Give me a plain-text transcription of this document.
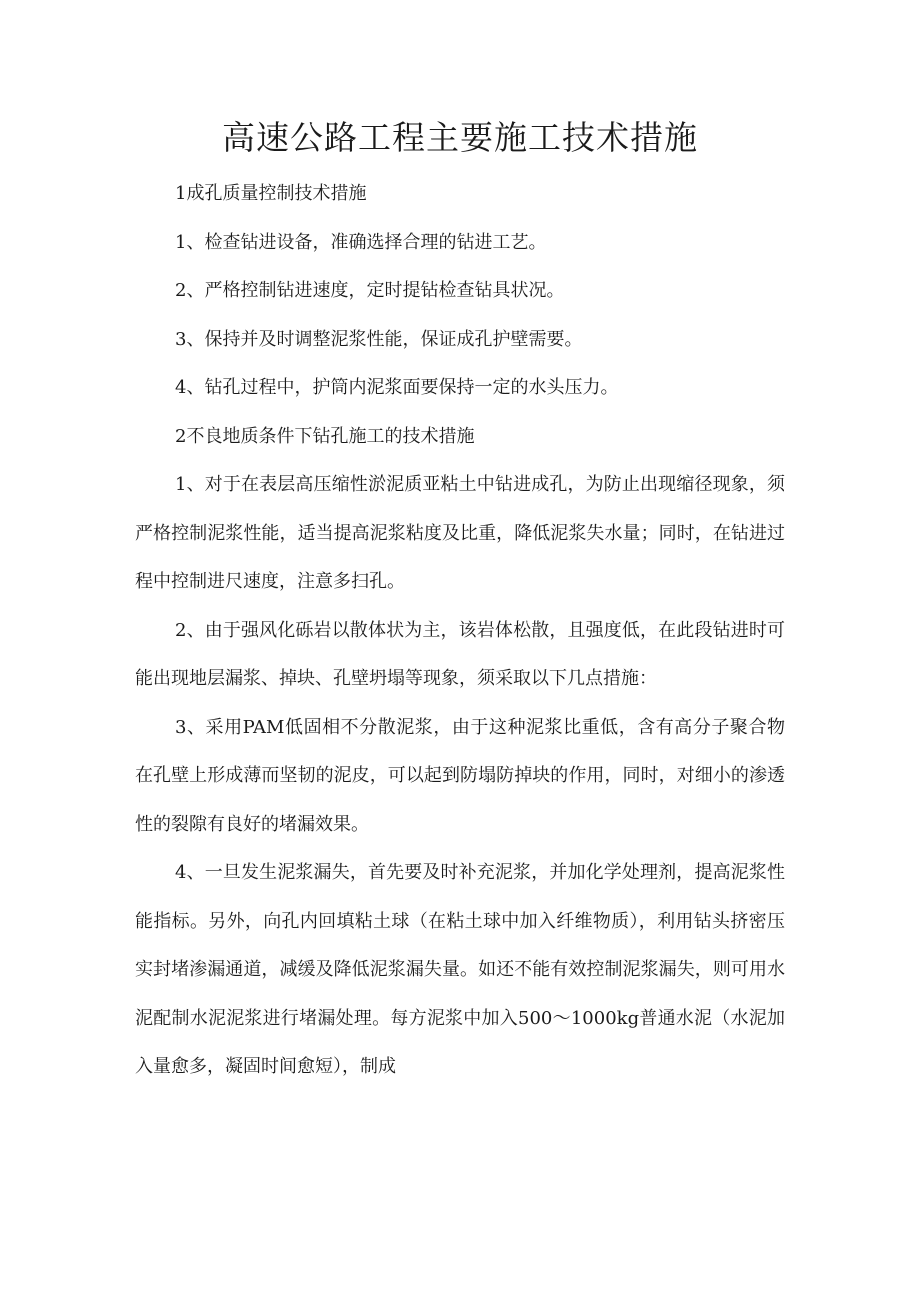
高速公路工程主要施工技术措施

1成孔质量控制技术措施

1、检查钻进设备，准确选择合理的钻进工艺。

2、严格控制钻进速度，定时提钻检查钻具状况。

3、保持并及时调整泥浆性能，保证成孔护壁需要。

4、钻孔过程中，护筒内泥浆面要保持一定的水头压力。

2不良地质条件下钻孔施工的技术措施

1、对于在表层高压缩性淤泥质亚粘土中钻进成孔，为防止出现缩径现象，须严格控制泥浆性能，适当提高泥浆粘度及比重，降低泥浆失水量；同时，在钻进过程中控制进尺速度，注意多扫孔。

2、由于强风化砾岩以散体状为主，该岩体松散，且强度低，在此段钻进时可能出现地层漏浆、掉块、孔壁坍塌等现象，须采取以下几点措施：

3、采用PAM低固相不分散泥浆，由于这种泥浆比重低，含有高分子聚合物在孔壁上形成薄而坚韧的泥皮，可以起到防塌防掉块的作用，同时，对细小的渗透性的裂隙有良好的堵漏效果。

4、一旦发生泥浆漏失，首先要及时补充泥浆，并加化学处理剂，提高泥浆性能指标。另外，向孔内回填粘土球（在粘土球中加入纤维物质），利用钻头挤密压实封堵渗漏通道，减缓及降低泥浆漏失量。如还不能有效控制泥浆漏失，则可用水泥配制水泥泥浆进行堵漏处理。每方泥浆中加入500～1000kg普通水泥（水泥加入量愈多，凝固时间愈短），制成
